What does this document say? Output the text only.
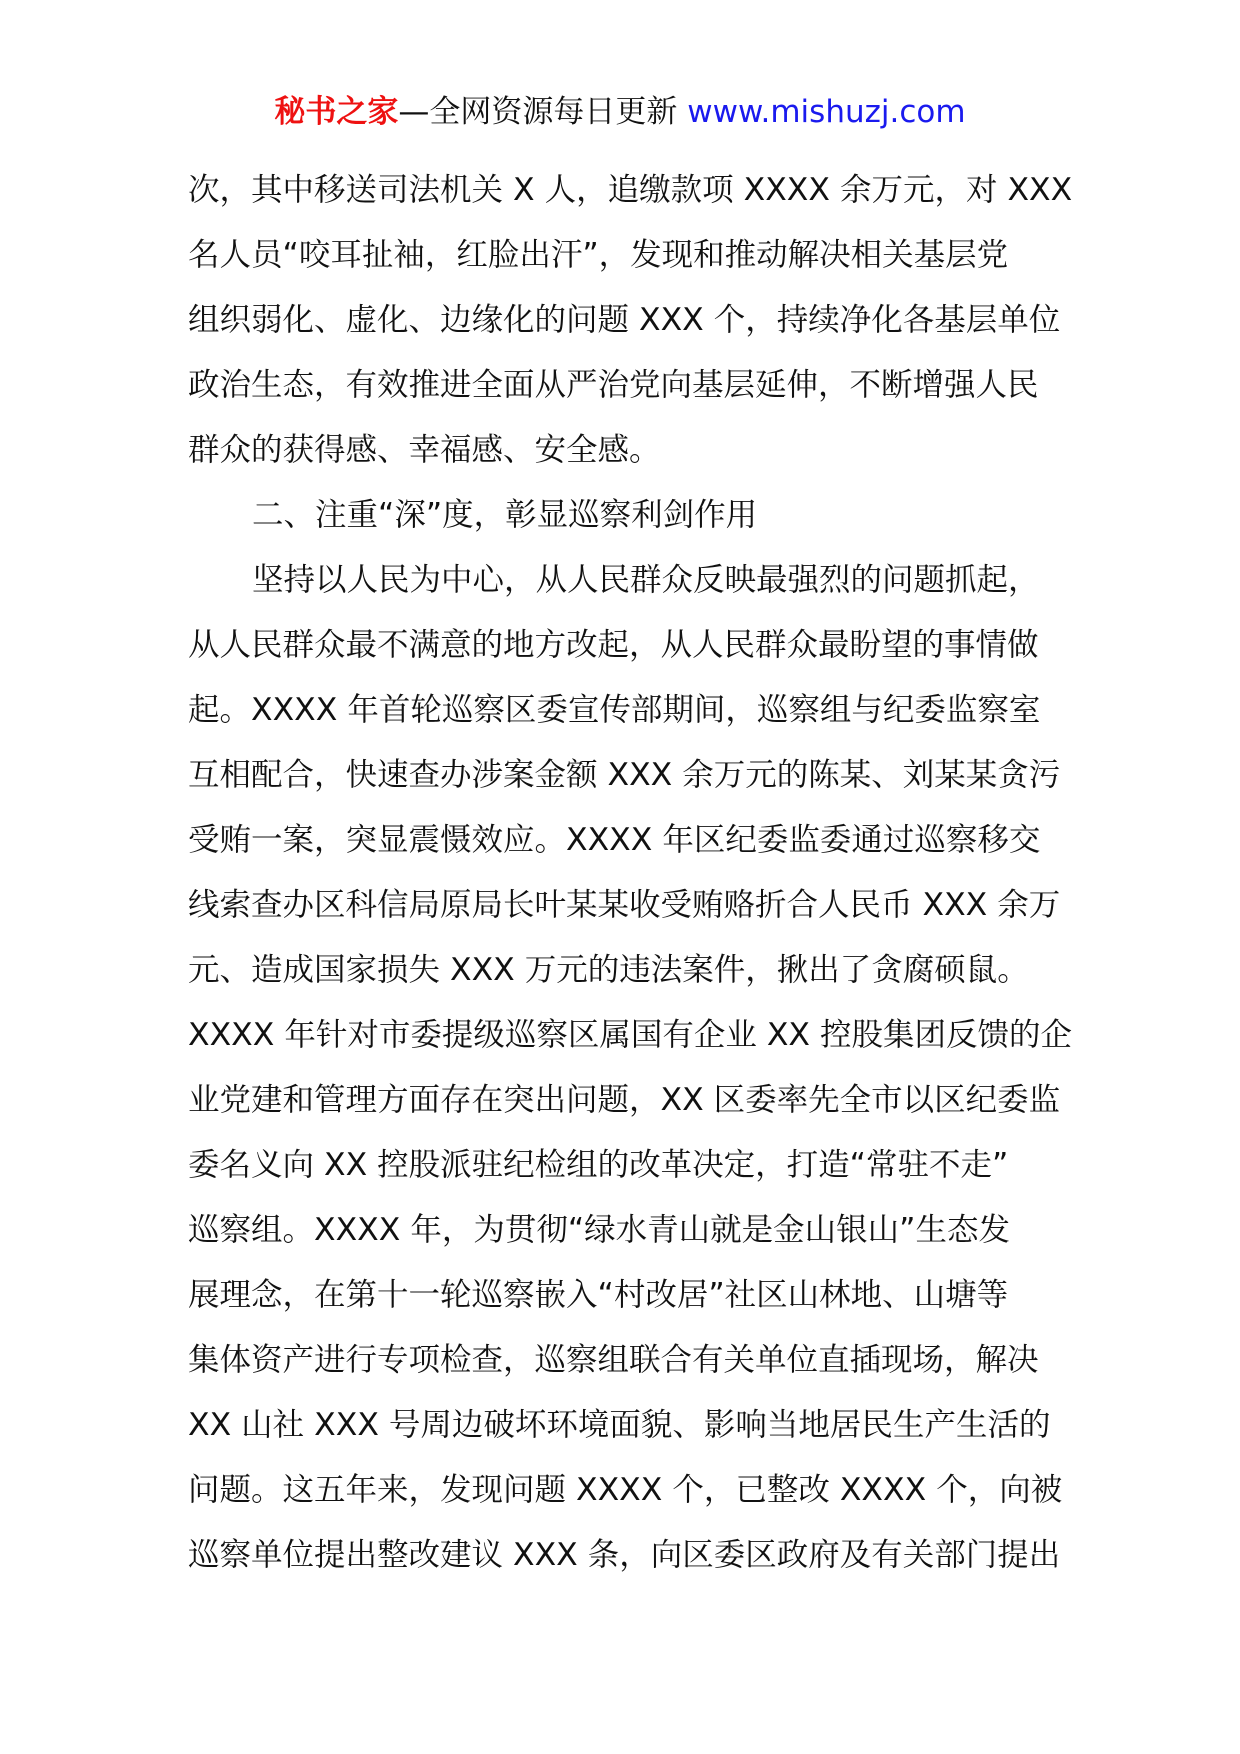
秘书之家—全网资源每日更新 www.mishuzj.com
次，其中移送司法机关 X 人，追缴款项 XXXX 余万元，对 XXX
名人员“咬耳扯袖，红脸出汗”，发现和推动解决相关基层党
组织弱化、虚化、边缘化的问题 XXX 个，持续净化各基层单位
政治生态，有效推进全面从严治党向基层延伸，不断增强人民
群众的获得感、幸福感、安全感。
二、注重“深”度，彰显巡察利剑作用
坚持以人民为中心，从人民群众反映最强烈的问题抓起，
从人民群众最不满意的地方改起，从人民群众最盼望的事情做
起。XXXX 年首轮巡察区委宣传部期间，巡察组与纪委监察室
互相配合，快速查办涉案金额 XXX 余万元的陈某、刘某某贪污
受贿一案，突显震慑效应。XXXX 年区纪委监委通过巡察移交
线索查办区科信局原局长叶某某收受贿赂折合人民币 XXX 余万
元、造成国家损失 XXX 万元的违法案件，揪出了贪腐硕鼠。
XXXX 年针对市委提级巡察区属国有企业 XX 控股集团反馈的企
业党建和管理方面存在突出问题，XX 区委率先全市以区纪委监
委名义向 XX 控股派驻纪检组的改革决定，打造“常驻不走”
巡察组。XXXX 年，为贯彻“绿水青山就是金山银山”生态发
展理念，在第十一轮巡察嵌入“村改居”社区山林地、山塘等
集体资产进行专项检查，巡察组联合有关单位直插现场，解决
XX 山社 XXX 号周边破坏环境面貌、影响当地居民生产生活的
问题。这五年来，发现问题 XXXX 个，已整改 XXXX 个，向被
巡察单位提出整改建议 XXX 条，向区委区政府及有关部门提出
